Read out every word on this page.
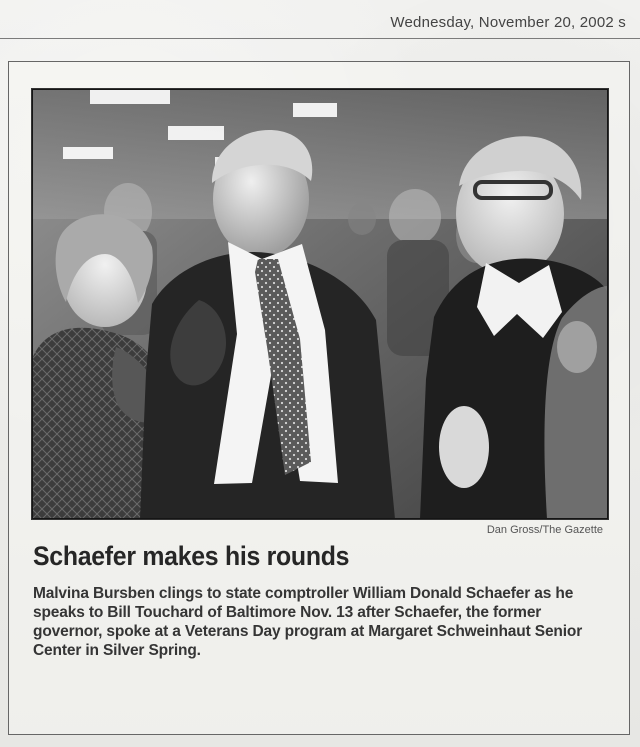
Wednesday, November 20, 2002 s
Dan Gross/The Gazette
Schaefer makes his rounds

Malvina Bursben clings to state comptroller William Donald Schaefer as he speaks to Bill Touchard of Baltimore Nov. 13 after Schaefer, the former governor, spoke at a Veterans Day program at Margaret Schweinhaut Senior Center in Silver Spring.
